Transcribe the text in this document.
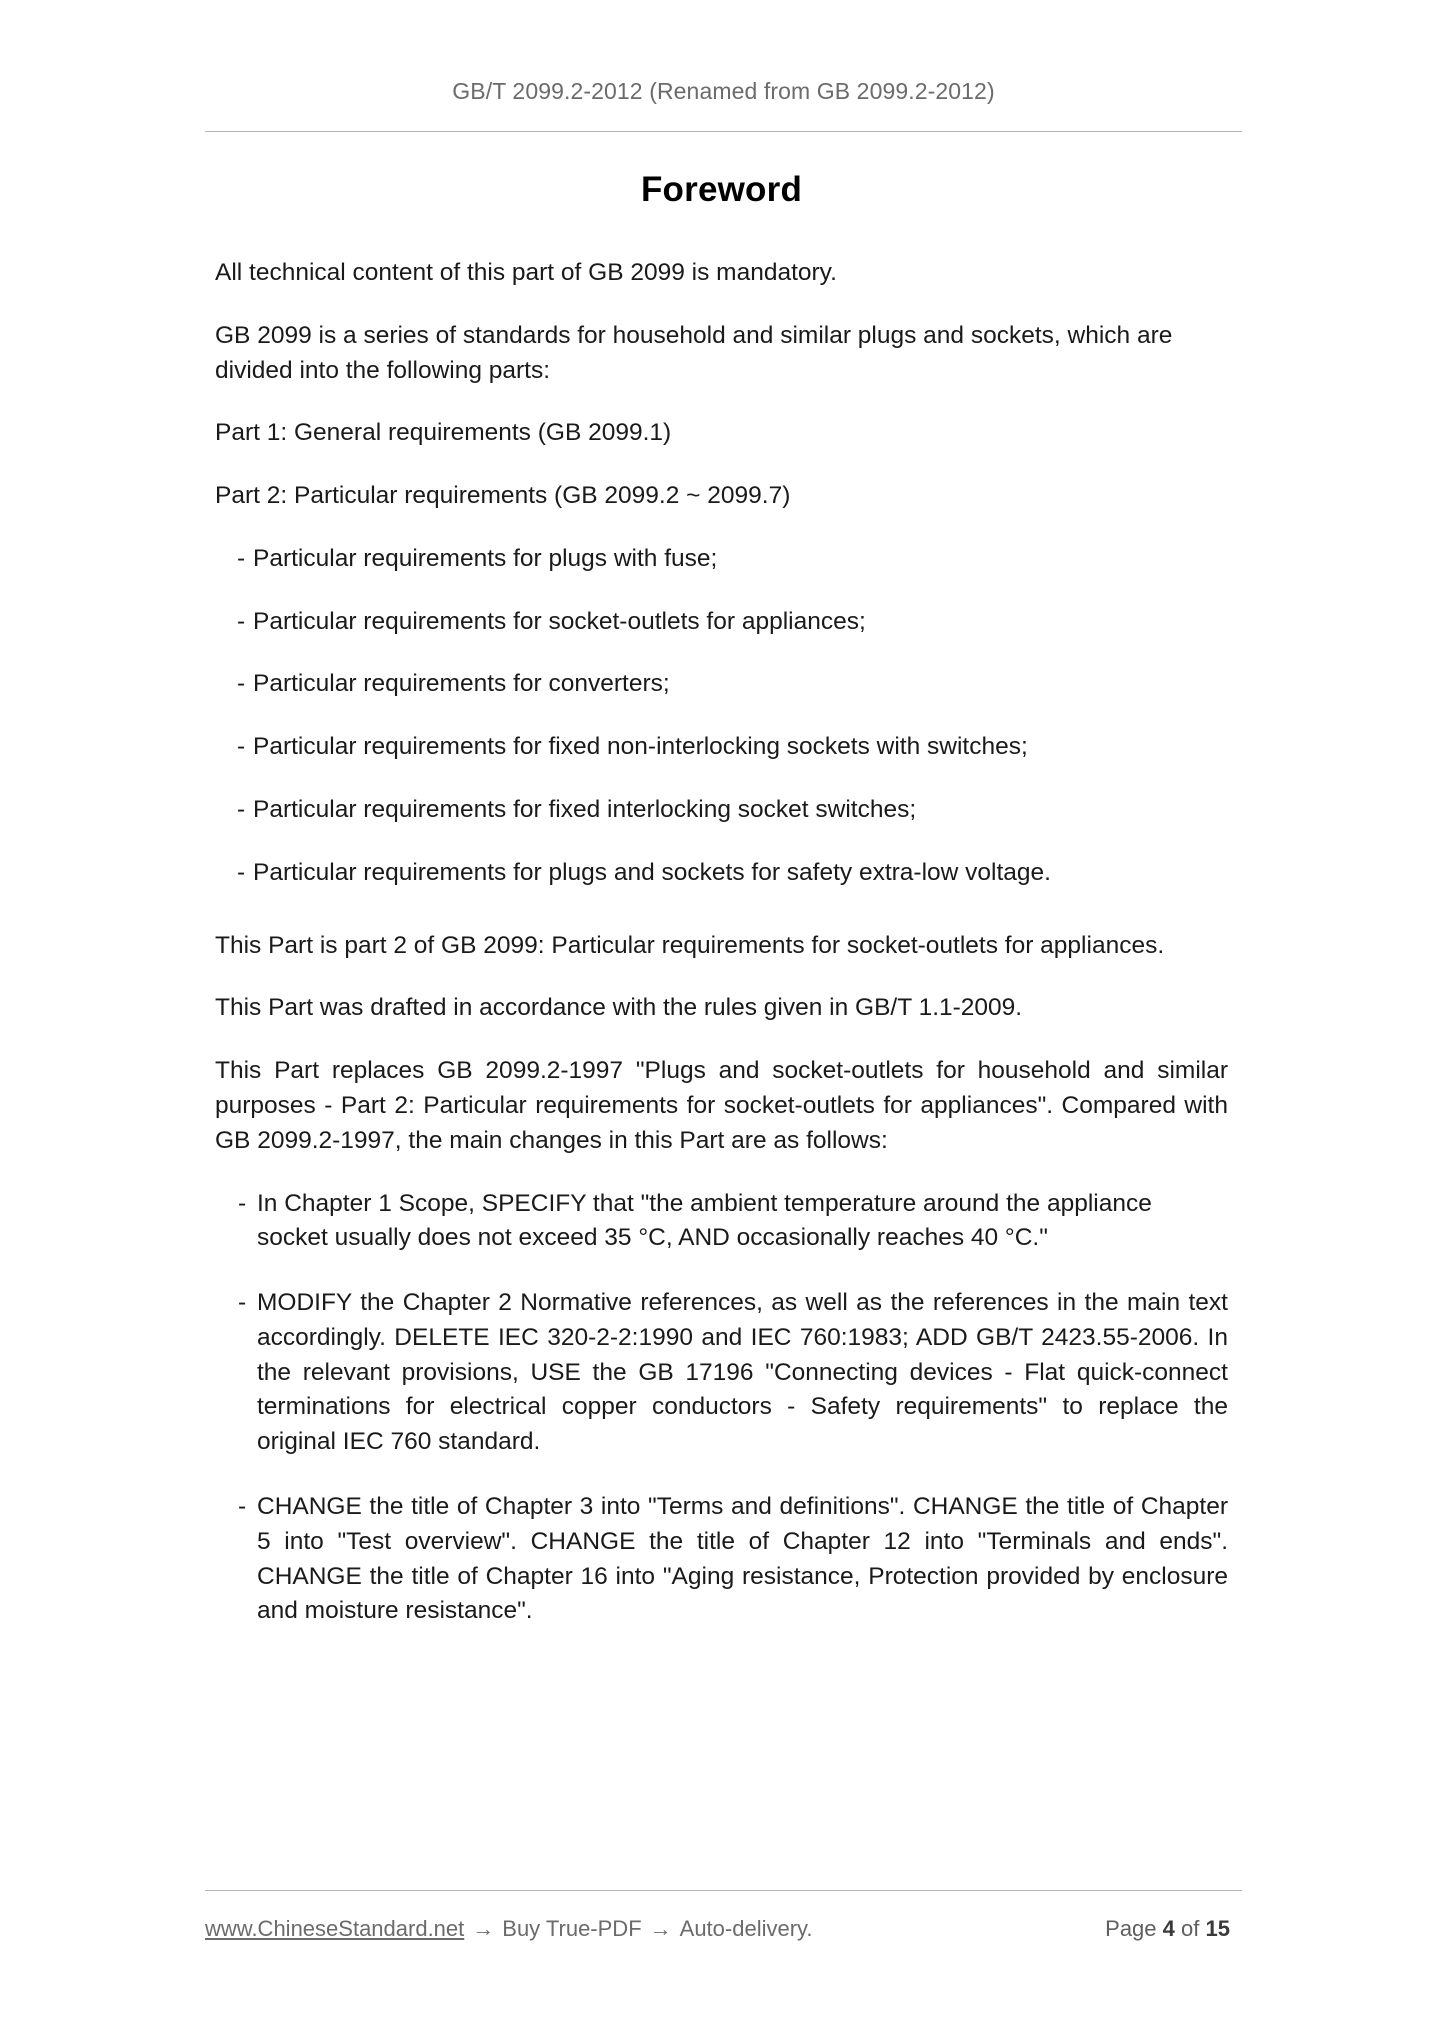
GB/T 2099.2-2012 (Renamed from GB 2099.2-2012)
Foreword

All technical content of this part of GB 2099 is mandatory.

GB 2099 is a series of standards for household and similar plugs and sockets, which are divided into the following parts:

Part 1: General requirements (GB 2099.1)

Part 2: Particular requirements (GB 2099.2 ~ 2099.7)

- Particular requirements for plugs with fuse;
- Particular requirements for socket-outlets for appliances;
- Particular requirements for converters;
- Particular requirements for fixed non-interlocking sockets with switches;
- Particular requirements for fixed interlocking socket switches;
- Particular requirements for plugs and sockets for safety extra-low voltage.

This Part is part 2 of GB 2099: Particular requirements for socket-outlets for appliances.

This Part was drafted in accordance with the rules given in GB/T 1.1-2009.

This Part replaces GB 2099.2-1997 "Plugs and socket-outlets for household and similar purposes - Part 2: Particular requirements for socket-outlets for appliances". Compared with GB 2099.2-1997, the main changes in this Part are as follows:

- In Chapter 1 Scope, SPECIFY that "the ambient temperature around the appliance socket usually does not exceed 35 °C, AND occasionally reaches 40 °C."
- MODIFY the Chapter 2 Normative references, as well as the references in the main text accordingly. DELETE IEC 320-2-2:1990 and IEC 760:1983; ADD GB/T 2423.55-2006. In the relevant provisions, USE the GB 17196 "Connecting devices - Flat quick-connect terminations for electrical copper conductors - Safety requirements" to replace the original IEC 760 standard.
- CHANGE the title of Chapter 3 into "Terms and definitions". CHANGE the title of Chapter 5 into "Test overview". CHANGE the title of Chapter 12 into "Terminals and ends". CHANGE the title of Chapter 16 into "Aging resistance, Protection provided by enclosure and moisture resistance".
www.ChineseStandard.net → Buy True-PDF → Auto-delivery.	Page 4 of 15
